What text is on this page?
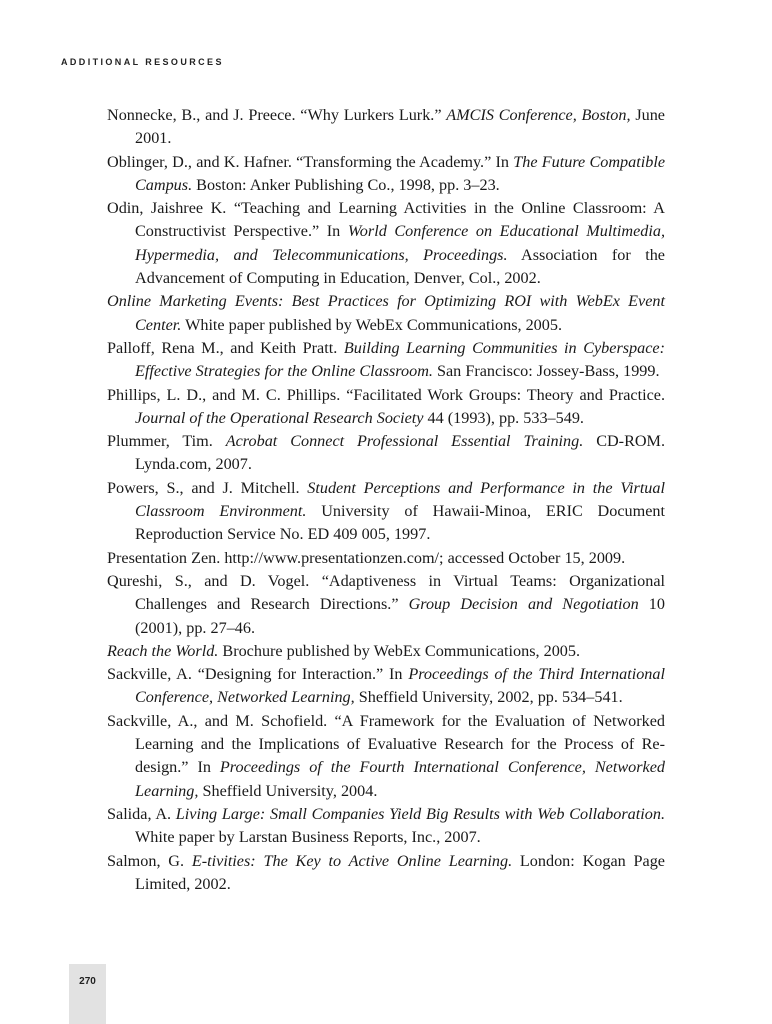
ADDITIONAL RESOURCES
Nonnecke, B., and J. Preece. “Why Lurkers Lurk.” AMCIS Conference, Boston, June 2001.
Oblinger, D., and K. Hafner. “Transforming the Academy.” In The Future Compatible Campus. Boston: Anker Publishing Co., 1998, pp. 3–23.
Odin, Jaishree K. “Teaching and Learning Activities in the Online Classroom: A Constructivist Perspective.” In World Conference on Educational Multimedia, Hypermedia, and Telecommunications, Proceedings. Association for the Advancement of Computing in Education, Denver, Col., 2002.
Online Marketing Events: Best Practices for Optimizing ROI with WebEx Event Center. White paper published by WebEx Communications, 2005.
Palloff, Rena M., and Keith Pratt. Building Learning Communities in Cyberspace: Effective Strategies for the Online Classroom. San Francisco: Jossey-Bass, 1999.
Phillips, L. D., and M. C. Phillips. “Facilitated Work Groups: Theory and Practice. Journal of the Operational Research Society 44 (1993), pp. 533–549.
Plummer, Tim. Acrobat Connect Professional Essential Training. CD-ROM. Lynda.com, 2007.
Powers, S., and J. Mitchell. Student Perceptions and Performance in the Virtual Classroom Environment. University of Hawaii-Minoa, ERIC Document Reproduction Service No. ED 409 005, 1997.
Presentation Zen. http://www.presentationzen.com/; accessed October 15, 2009.
Qureshi, S., and D. Vogel. “Adaptiveness in Virtual Teams: Organizational Challenges and Research Directions.” Group Decision and Negotiation 10 (2001), pp. 27–46.
Reach the World. Brochure published by WebEx Communications, 2005.
Sackville, A. “Designing for Interaction.” In Proceedings of the Third International Conference, Networked Learning, Sheffield University, 2002, pp. 534–541.
Sackville, A., and M. Schofield. “A Framework for the Evaluation of Networked Learning and the Implications of Evaluative Research for the Process of Re-design.” In Proceedings of the Fourth International Conference, Networked Learning, Sheffield University, 2004.
Salida, A. Living Large: Small Companies Yield Big Results with Web Collaboration. White paper by Larstan Business Reports, Inc., 2007.
Salmon, G. E-tivities: The Key to Active Online Learning. London: Kogan Page Limited, 2002.
270
